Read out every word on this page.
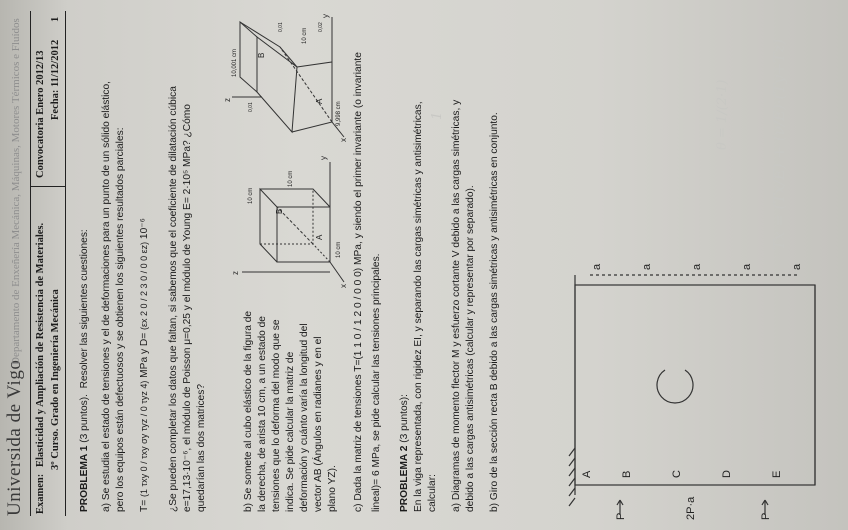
Universida de Vigo
Departamento de Enxeñería Mecánica, Máquinas, Motores Térmicos e Fluídos
Examen:
Elasticidad y Ampliación de Resistencia de Materiales. 3º Curso. Grado en Ingeniería Mecánica
Convocatoria Enero 2012/13 Fecha: 11/12/2012
1
PROBLEMA 1 (3 puntos).  Resolver las siguientes cuestiones: a) Se estudia el estado de tensiones y el de deformaciones para un punto de un sólido elástico, pero los equipos están defectuosos y se obtienen los siguientes resultados parciales: T= (1 τxy 0 / τxy σy τyz / 0 τyz 4) MPa y D= (εx 2 0 / 2 3 0 / 0 0 εz) 10⁻⁶ ¿Se pueden completar los datos que faltan, si sabemos que el coeficiente de dilatación cúbica e=17,13·10⁻⁶, el módulo de Poisson μ=0,25 y el módulo de Young E= 2·10⁵ MPa? ¿Cómo quedarían las dos matrices?	b) Se somete al cubo elástico de la figura de la derecha, de arista 10 cm, a un estado de tensiones que lo deforma del modo que se indica. Se pide calcular la matriz de deformación y cuánto varía la longitud del vector AB (Ángulos en radianes y en el plano YZ).
z
y
x
A
B
10 cm
10 cm
10 cm
z
y
x
A
B
10,001 cm
9,998 cm
10 cm
0,01
0,01	0,02
c) Dada la matriz de tensiones T=(1 1 0 / 1 2 0 / 0 0 0) MPa, y siendo el primer invariante (o invariante lineal)= 6 MPa, se pide calcular las tensiones principales. PROBLEMA 2 (3 puntos): En la viga representada, con rigidez EI, y separando las cargas simétricas y antisimétricas, calcular: a) Diagramas de momento flector M y esfuerzo cortante V debido a las cargas simétricas, y debido a las cargas antisimétricas (calcular y representar por separado). b) Giro de la sección recta B debido a las cargas simétricas y antisimétricas en conjunto.
P	2P·a	P
A	B	C	D	E
a	a	a	a	a
1	θ = 1/(2·1)	Tx = (Tx/E) + (ν/E)·(Ty+Tz)
